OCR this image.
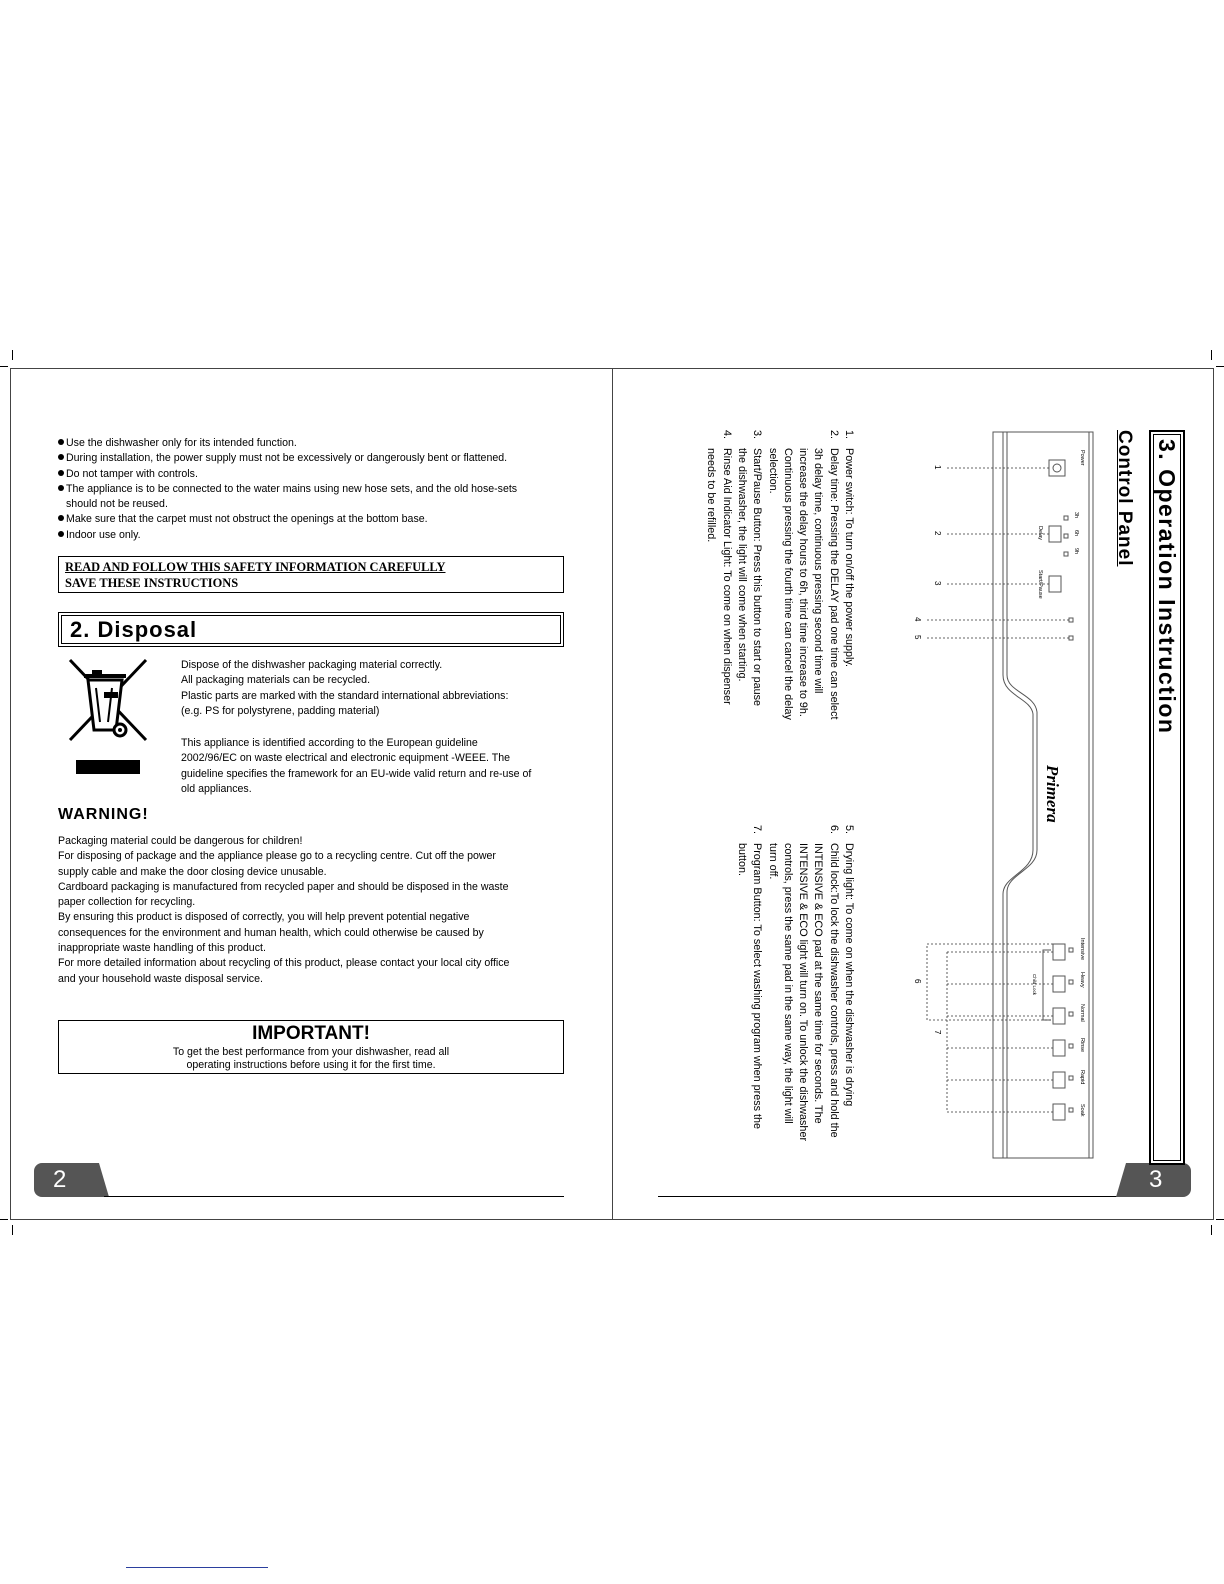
Use the dishwasher only for its intended function.
During installation, the power supply must not be excessively or dangerously bent or flattened.
Do not tamper with controls.
The appliance is to be connected to the water mains using new hose sets, and the old hose-sets
should not be reused.
Make sure that the carpet must not obstruct the openings at the bottom base.
Indoor use only.
READ AND FOLLOW THIS SAFETY INFORMATION CAREFULLY
SAVE THESE INSTRUCTIONS
2. Disposal
Dispose of the dishwasher packaging material correctly.
All packaging materials can be recycled.
Plastic parts are marked with the standard international abbreviations:
(e.g. PS for polystyrene, padding material)
This appliance is identified according to the European guideline
2002/96/EC on waste electrical and electronic equipment -WEEE. The
guideline specifies the framework for an EU-wide valid return and re-use of
old appliances.
WARNING!
Packaging material could be dangerous for children!
For disposing of package and the appliance please go to a recycling centre. Cut off the power
supply cable and make the door closing device unusable.
Cardboard packaging is manufactured from recycled paper and should be disposed in the waste
paper collection for recycling.
By ensuring this product is disposed of correctly, you will help prevent potential negative
consequences for the environment and human health, which could otherwise be caused by
inappropriate waste handling of this product.
For more detailed information about recycling of this product, please contact your local city office
and your household waste disposal service.
IMPORTANT!
To get the best performance from your dishwasher, read all
operating instructions before using it for the first time.
2	3
3. Operation Instruction
Control Panel
Power
3h
6h
9h
Delay
Start/Pause
Intensive
Heavy
Normal
Rinse
Rapid
Soak
Child Lock
Primera
1
2
3
4
5
6
7
1.
Power switch: To turn on/off the power supply.
2.
Delay time: Pressing the DELAY pad one time can select
3h delay time, continuous pressing second time will
increase the delay hours to 6h, third time increase to 9h.
Continuous pressing the fourth time can cancel the delay
selection.
3.
Start/Pause Button: Press this button to start or pause
the dishwasher, the light will come when starting.
4.
Rinse Aid Indicator Light: To come on when dispenser
needs to be refilled.
5.
Drying light: To come on when the dishwasher is drying
6.
Child lock:To lock the dishwasher controls, press and hold the
INTENSIVE & ECO pad at the same time for seconds. The
INTENSIVE & ECO light will turn on. To unlock the dishwasher
controls, press the same pad in the same way, the light will
turn off.
7.
Program Button: To select washing program when press the
button.
